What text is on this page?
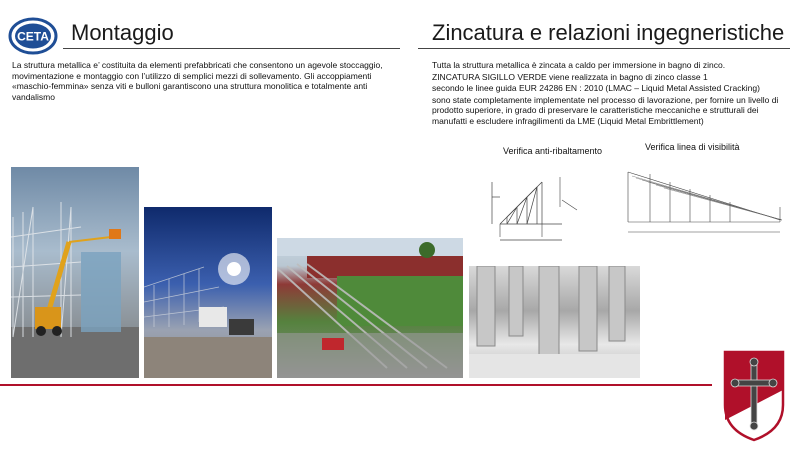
CETA Montaggio	Zincatura e relazioni ingegneristiche
La struttura metallica e’ costituita da elementi prefabbricati che consentono un agevole stoccaggio, movimentazione e montaggio con l’utilizzo di semplici mezzi di sollevamento. Gli accoppiamenti «maschio-femmina» senza viti e bulloni garantiscono una struttura monolitica e totalmente anti vandalismo
Tutta la struttura metallica è zincata a caldo per immersione in bagno di zinco.
ZINCATURA SIGILLO VERDE viene realizzata in bagno di zinco classe 1
secondo le linee guida EUR 24286 EN : 2010 (LMAC – Liquid Metal Assisted Cracking)
sono state completamente implementate nel processo di lavorazione, per fornire un livello di prodotto superiore, in grado di preservare le caratteristiche meccaniche e strutturali dei manufatti e escludere infragilimenti da LME (Liquid Metal Embrittlement)
Verifica anti-ribaltamento	Verifica linea di visibilità
